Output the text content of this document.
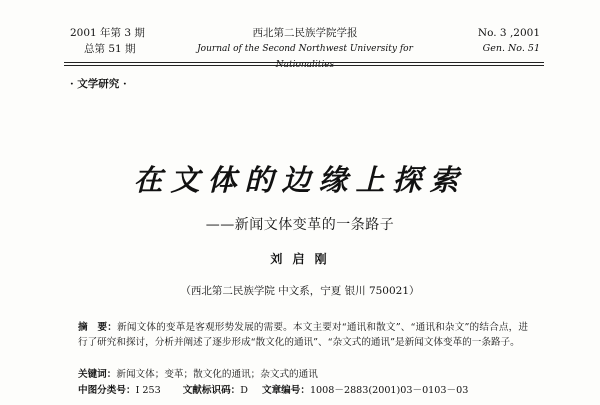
2001 年第 3 期
总第 51 期
西北第二民族学院学报
Journal of the Second Northwest University for Nationalities
No. 3 ,2001
Gen. No. 51
· 文学研究 ·
在文体的边缘上探索
——新闻文体变革的一条路子
刘 启 刚
（西北第二民族学院 中文系，宁夏 银川 750021）
摘　要：新闻文体的变革是客观形势发展的需要。本文主要对“通讯和散文”、“通讯和杂文”的结合点，进行了研究和探讨，分析并阐述了逐步形成“散文化的通讯”、“杂文式的通讯”是新闻文体变革的一条路子。
关键词：新闻文体；变革；散文化的通讯；杂文式的通讯
中图分类号：I 253 文献标识码：D 文章编号：1008－2883(2001)03－0103－03
